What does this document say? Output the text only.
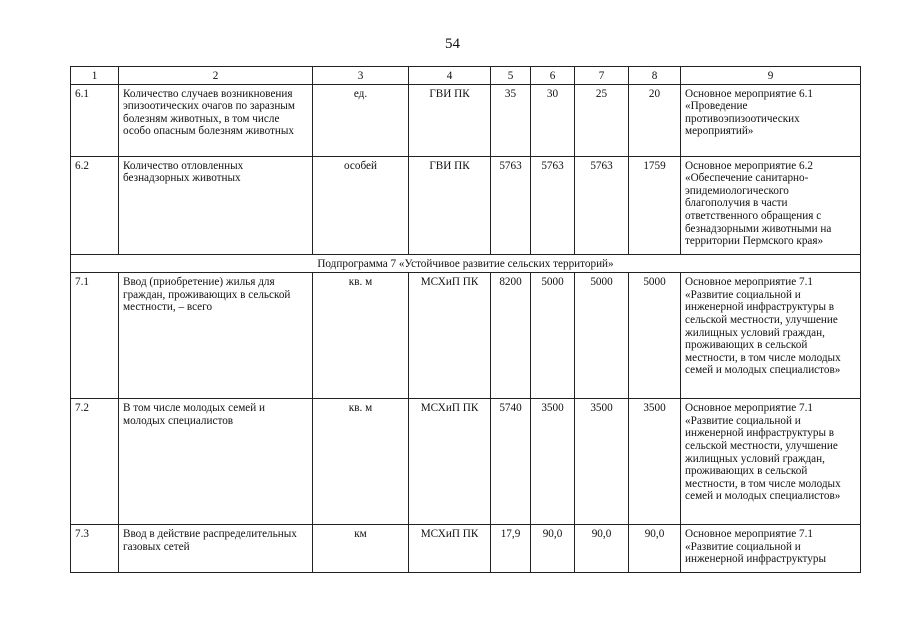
54
1	2	3	4	5	6	7	8	9
6.1	Количество случаев возникновения эпизоотических очагов по заразным болезням животных, в том числе особо опасным болезням животных	ед.	ГВИ ПК	35	30	25	20	Основное мероприятие 6.1 «Проведение противоэпизоотических мероприятий»
6.2	Количество отловленных безнадзорных животных	особей	ГВИ ПК	5763	5763	5763	1759	Основное мероприятие 6.2 «Обеспечение санитарно-эпидемиологического благополучия в части ответственного обращения с безнадзорными животными на территории Пермского края»
Подпрограмма 7 «Устойчивое развитие сельских территорий»								
7.1	Ввод (приобретение) жилья для граждан, проживающих в сельской местности, – всего	кв. м	МСХиП ПК	8200	5000	5000	5000	Основное мероприятие 7.1 «Развитие социальной и инженерной инфраструктуры в сельской местности, улучшение жилищных условий граждан, проживающих в сельской местности, в том числе молодых семей и молодых специалистов»
7.2	В том числе молодых семей и молодых специалистов	кв. м	МСХиП ПК	5740	3500	3500	3500	Основное мероприятие 7.1 «Развитие социальной и инженерной инфраструктуры в сельской местности, улучшение жилищных условий граждан, проживающих в сельской местности, в том числе молодых семей и молодых специалистов»
7.3	Ввод в действие распределительных газовых сетей	км	МСХиП ПК	17,9	90,0	90,0	90,0	Основное мероприятие 7.1 «Развитие социальной и инженерной инфраструктуры
